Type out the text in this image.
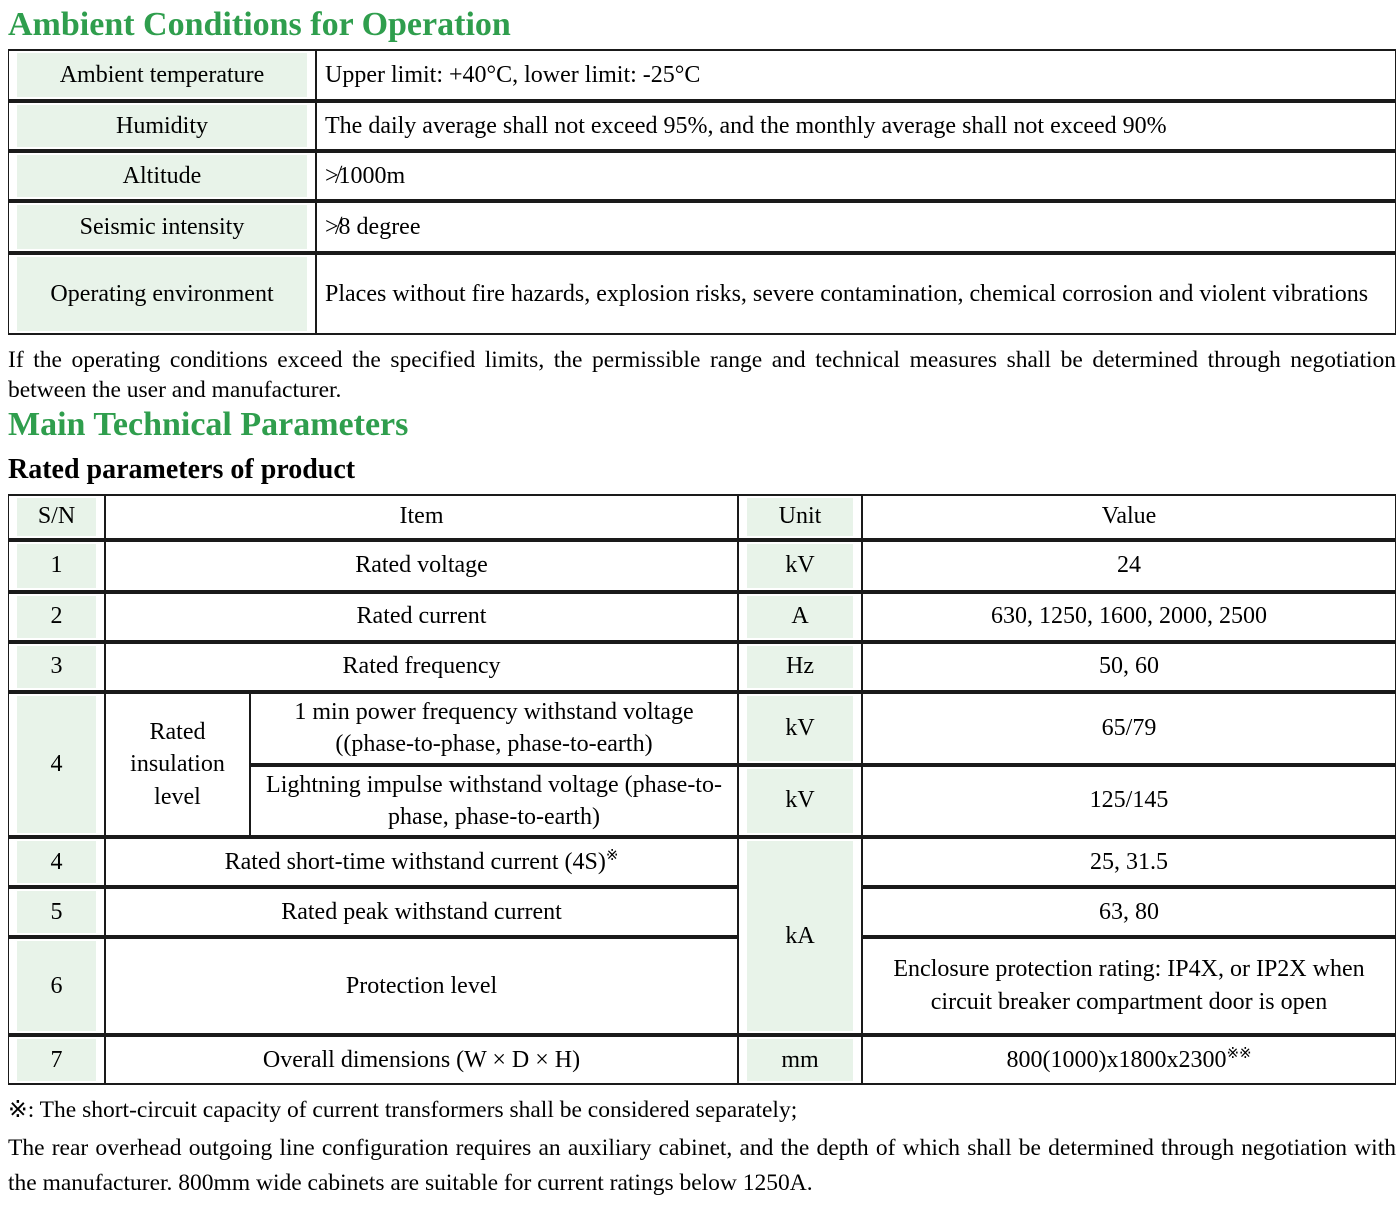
Ambient Conditions for Operation
Ambient temperature	Upper limit: +40°C, lower limit: -25°C
Humidity	The daily average shall not exceed 95%, and the monthly average shall not exceed 90%
Altitude	≯1000m
Seismic intensity	≯8 degree
Operating environment	Places without fire hazards, explosion risks, severe contamination, chemical corrosion and violent vibrations

If the operating conditions exceed the specified limits, the permissible range and technical measures shall be determined through negotiation between the user and manufacturer.

Main Technical Parameters
Rated parameters of product
S/N	Item		Unit	Value
1	Rated voltage		kV	24
2	Rated current		A	630, 1250, 1600, 2000, 2500
3	Rated frequency		Hz	50, 60
4	Rated insulation level	1 min power frequency withstand voltage ((phase-to-phase, phase-to-earth)	kV	65/79
		Lightning impulse withstand voltage (phase-to-phase, phase-to-earth)	kV	125/145
4	Rated short-time withstand current (4S)※		kA	25, 31.5
5	Rated peak withstand current			63, 80
6	Protection level			Enclosure protection rating: IP4X, or IP2X when circuit breaker compartment door is open
7	Overall dimensions (W × D × H)		mm	800(1000)x1800x2300※※

※: The short-circuit capacity of current transformers shall be considered separately;

The rear overhead outgoing line configuration requires an auxiliary cabinet, and the depth of which shall be determined through negotiation with the manufacturer. 800mm wide cabinets are suitable for current ratings below 1250A.
